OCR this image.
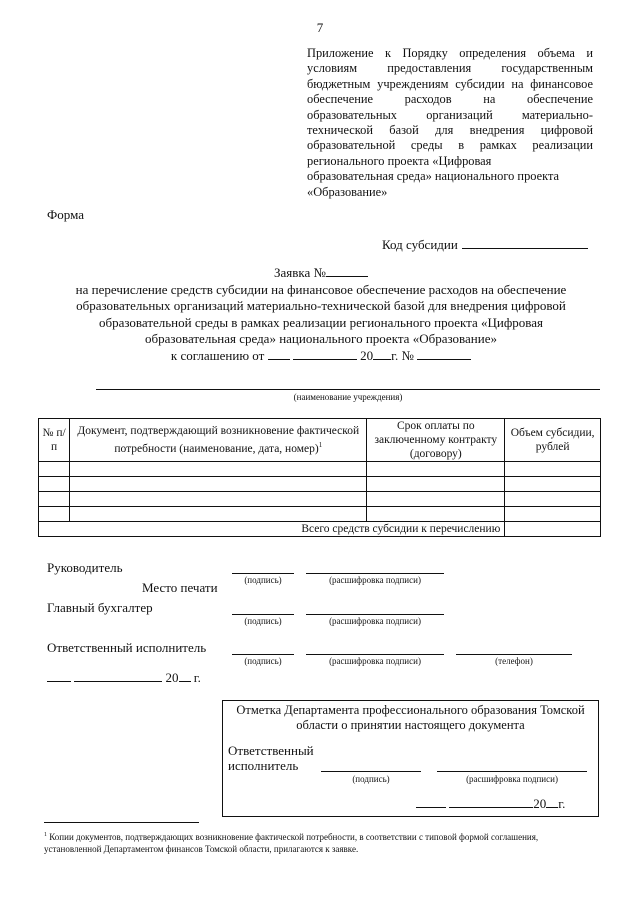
7
Приложение к Порядку определения объема и условиям предоставления государственным бюджетным учреждениям субсидии на финансовое обеспечение расходов на обеспечение образовательных организаций материально-технической базой для внедрения цифровой образовательной среды в рамках реализации регионального проекта «Цифровая
образовательная среда» национального проекта
«Образование»
Форма
Код субсидии
Заявка №
на перечисление средств субсидии на финансовое обеспечение расходов на обеспечение
образовательных организаций материально-технической базой для внедрения цифровой
образовательной среды в рамках реализации регионального проекта «Цифровая
образовательная среда» национального проекта «Образование»
к соглашению от	20 г. №
(наименование учреждения)
№ п/п	Документ, подтверждающий возникновение фактической потребности (наименование, дата, номер)$^1$	Срок оплаты по заключенному контракту (договору)	Объем субсидии, рублей

Всего средств субсидии к перечислению			
Руководитель
Место печати	(подпись)	(расшифровка подписи)
Главный бухгалтер
(подпись)	(расшифровка подписи)
Ответственный исполнитель
(подпись)	(расшифровка подписи)	(телефон)
20 г.
Отметка Департамента профессионального образования Томской области о принятии настоящего документа
Ответственный
исполнитель
(подпись)	(расшифровка подписи)
20 г.
$^1$ Копии документов, подтверждающих возникновение фактической потребности, в соответствии с типовой формой соглашения, установленной Департаментом финансов Томской области, прилагаются к заявке.
